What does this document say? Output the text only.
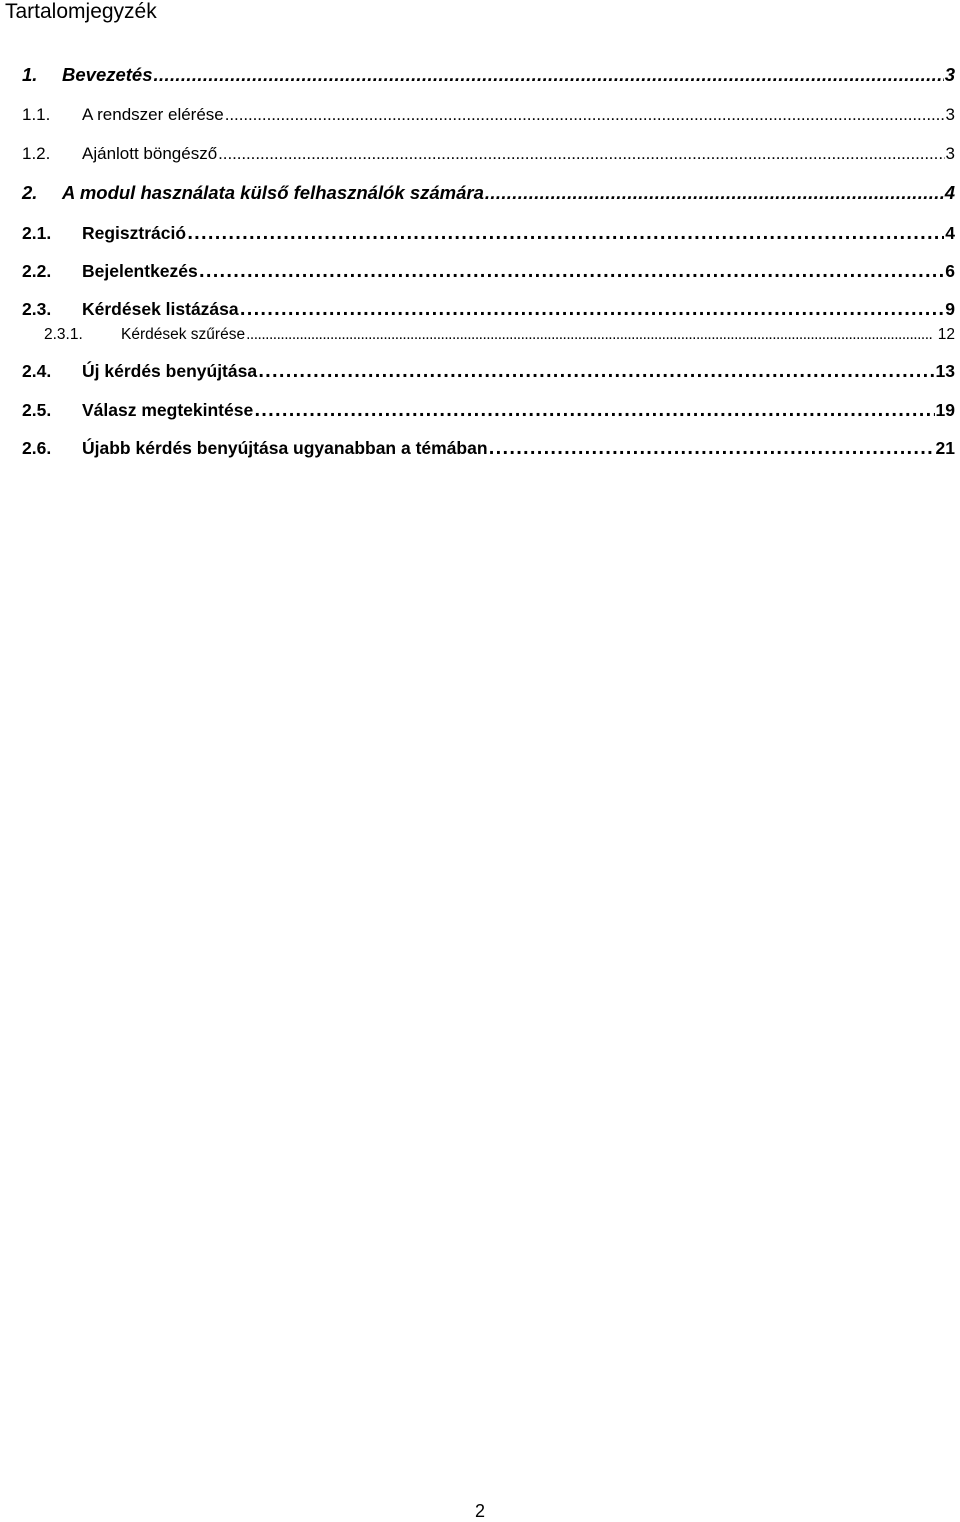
Tartalomjegyzék
1.	Bevezetés . . .	3
1.1.	A rendszer elérése . . .	3
1.2.	Ajánlott böngésző . . .	3
2.	A modul használata külső felhasználók számára . . .	4
2.1.	Regisztráció . . .	4
2.2.	Bejelentkezés . . .	6
2.3.	Kérdések listázása . . .	9
2.3.1.	Kérdések szűrése . . .	12
2.4.	Új kérdés benyújtása . . .	13
2.5.	Válasz megtekintése . . .	19
2.6.	Újabb kérdés benyújtása ugyanabban a témában . . .	21
2
